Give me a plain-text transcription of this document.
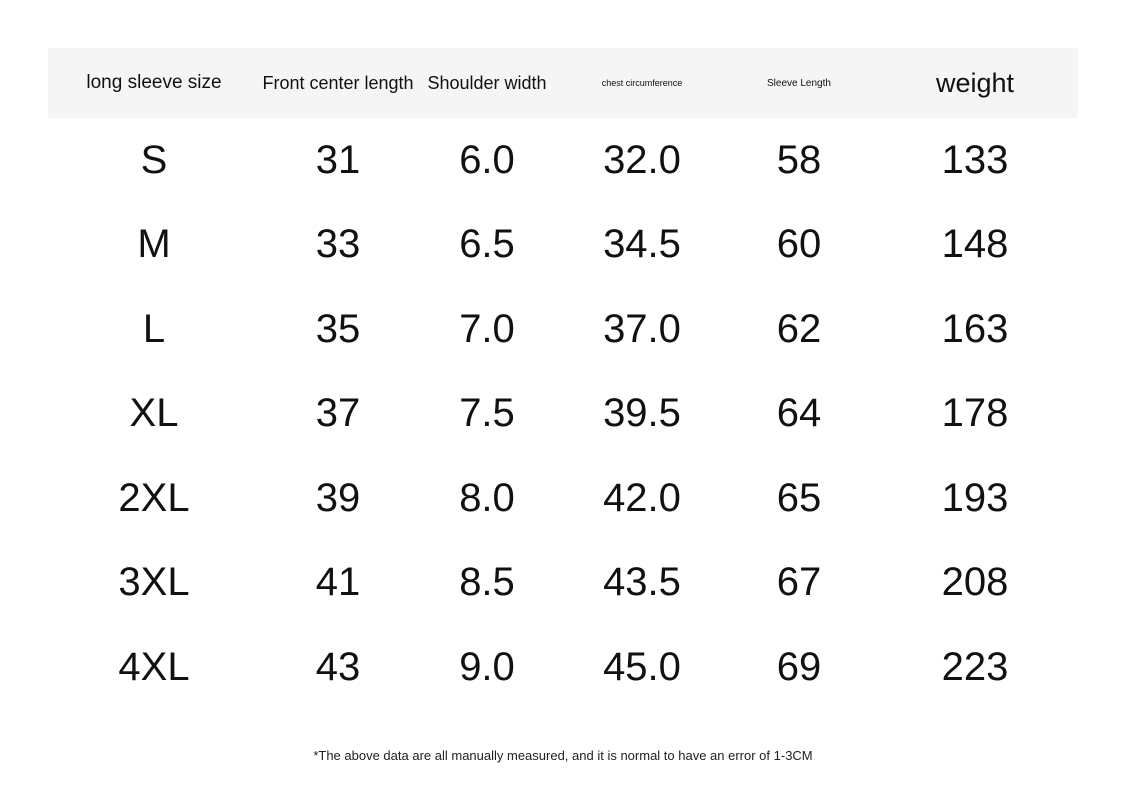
long sleeve size	Front center length	Shoulder width	chest circumference	Sleeve Length	weight
S	31	6.0	32.0	58	133
M	33	6.5	34.5	60	148
L	35	7.0	37.0	62	163
XL	37	7.5	39.5	64	178
2XL	39	8.0	42.0	65	193
3XL	41	8.5	43.5	67	208
4XL	43	9.0	45.0	69	223
*The above data are all manually measured, and it is normal to have an error of 1-3CM
